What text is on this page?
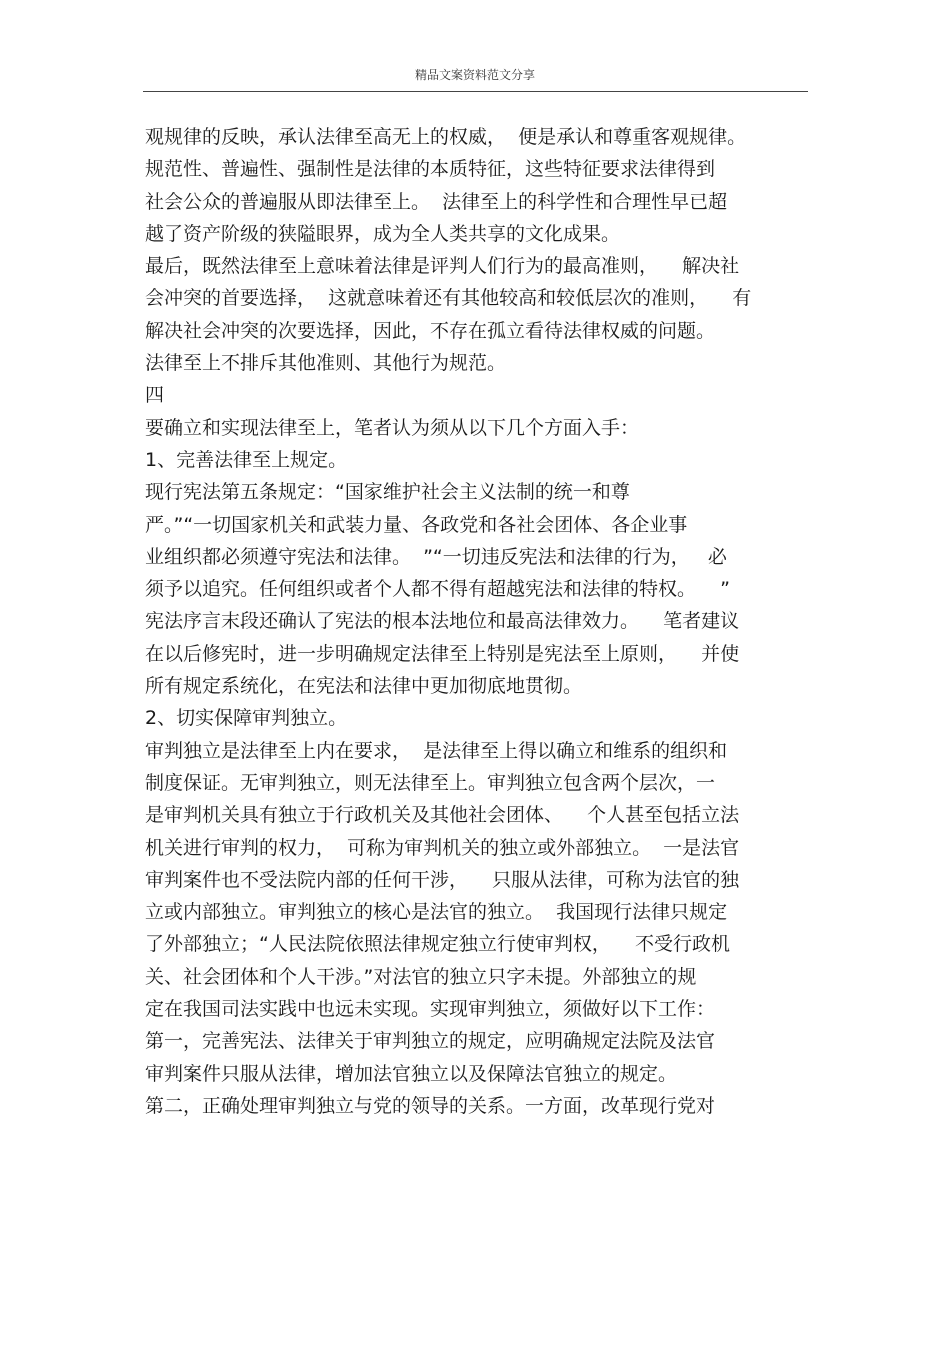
精品文案资料范文分享
观规律的反映，承认法律至高无上的权威，  便是承认和尊重客观规律。
规范性、普遍性、强制性是法律的本质特征，这些特征要求法律得到
社会公众的普遍服从即法律至上。  法律至上的科学性和合理性早已超
越了资产阶级的狭隘眼界，成为全人类共享的文化成果。
最后，既然法律至上意味着法律是评判人们行为的最高准则，    解决社
会冲突的首要选择，  这就意味着还有其他较高和较低层次的准则，    有
解决社会冲突的次要选择，因此，不存在孤立看待法律权威的问题。
法律至上不排斥其他准则、其他行为规范。
四
要确立和实现法律至上，笔者认为须从以下几个方面入手：
1、完善法律至上规定。
现行宪法第五条规定：“国家维护社会主义法制的统一和尊
严。”“一切国家机关和武装力量、各政党和各社会团体、各企业事
业组织都必须遵守宪法和法律。  ”“一切违反宪法和法律的行为，   必
须予以追究。任何组织或者个人都不得有超越宪法和法律的特权。    ”
宪法序言末段还确认了宪法的根本法地位和最高法律效力。    笔者建议
在以后修宪时，进一步明确规定法律至上特别是宪法至上原则，    并使
所有规定系统化，在宪法和法律中更加彻底地贯彻。
2、切实保障审判独立。
审判独立是法律至上内在要求，  是法律至上得以确立和维系的组织和
制度保证。无审判独立，则无法律至上。审判独立包含两个层次，一
是审判机关具有独立于行政机关及其他社会团体、    个人甚至包括立法
机关进行审判的权力，  可称为审判机关的独立或外部独立。  一是法官
审判案件也不受法院内部的任何干涉，    只服从法律，可称为法官的独
立或内部独立。审判独立的核心是法官的独立。  我国现行法律只规定
了外部独立；“人民法院依照法律规定独立行使审判权，    不受行政机
关、社会团体和个人干涉。”对法官的独立只字未提。外部独立的规
定在我国司法实践中也远未实现。实现审判独立，须做好以下工作：
第一，完善宪法、法律关于审判独立的规定，应明确规定法院及法官
审判案件只服从法律，增加法官独立以及保障法官独立的规定。
第二，正确处理审判独立与党的领导的关系。一方面，改革现行党对
